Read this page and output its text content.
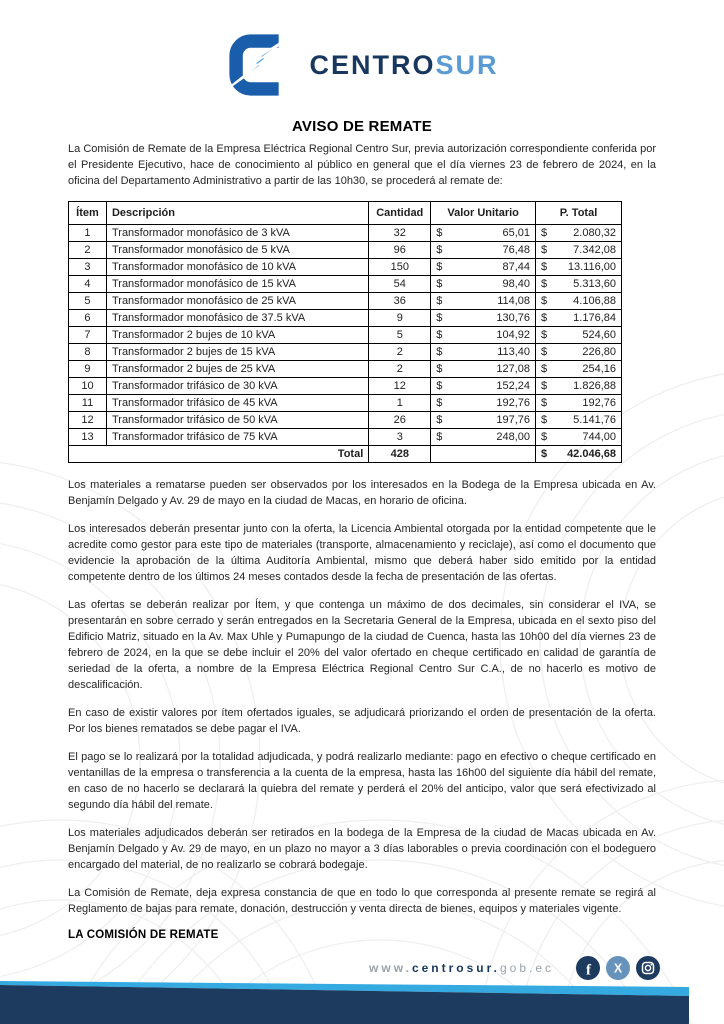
CENTROSUR
AVISO DE REMATE

La Comisión de Remate de la Empresa Eléctrica Regional Centro Sur, previa autorización correspondiente conferida por el Presidente Ejecutivo, hace de conocimiento al público en general que el día viernes 23 de febrero de 2024, en la oficina del Departamento Administrativo a partir de las 10h30, se procederá al remate de:

Ítem	Descripción	Cantidad	Valor Unitario	P. Total
1	Transformador monofásico de 3 kVA	32	$ 65,01	$ 2.080,32

2	Transformador monofásico de 5 kVA	96	$ 76,48	$ 7.342,08

3	Transformador monofásico de 10 kVA	150	$ 87,44	$ 13.116,00

4	Transformador monofásico de 15 kVA	54	$ 98,40	$ 5.313,60

5	Transformador monofásico de 25 kVA	36	$ 114,08	$ 4.106,88

6	Transformador monofásico de 37.5 kVA	9	$ 130,76	$ 1.176,84

7	Transformador 2 bujes de 10 kVA	5	$ 104,92	$ 524,60

8	Transformador 2 bujes de 15 kVA	2	$ 113,40	$ 226,80

9	Transformador 2 bujes de 25 kVA	2	$ 127,08	$ 254,16

10	Transformador trifásico de 30 kVA	12	$ 152,24	$ 1.826,88

11	Transformador trifásico de 45 kVA	1	$ 192,76	$ 192,76

12	Transformador trifásico de 50 kVA	26	$ 197,76	$ 5.141,76

13	Transformador trifásico de 75 kVA	3	$ 248,00	$ 744,00

Total		428		$ 42.046,68

Los materiales a rematarse pueden ser observados por los interesados en la Bodega de la Empresa ubicada en Av. Benjamín Delgado y Av. 29 de mayo en la ciudad de Macas, en horario de oficina.

Los interesados deberán presentar junto con la oferta, la Licencia Ambiental otorgada por la entidad competente que le acredite como gestor para este tipo de materiales (transporte, almacenamiento y reciclaje), así como el documento que evidencie la aprobación de la última Auditoría Ambiental, mismo que deberá haber sido emitido por la entidad competente dentro de los últimos 24 meses contados desde la fecha de presentación de las ofertas.

Las ofertas se deberán realizar por Ítem, y que contenga un máximo de dos decimales, sin considerar el IVA, se presentarán en sobre cerrado y serán entregados en la Secretaria General de la Empresa, ubicada en el sexto piso del Edificio Matriz, situado en la Av. Max Uhle y Pumapungo de la ciudad de Cuenca, hasta las 10h00 del día viernes 23 de febrero de 2024, en la que se debe incluir el 20% del valor ofertado en cheque certificado en calidad de garantía de seriedad de la oferta, a nombre de la Empresa Eléctrica Regional Centro Sur C.A., de no hacerlo es motivo de descalificación.

En caso de existir valores por ítem ofertados iguales, se adjudicará priorizando el orden de presentación de la oferta. Por los bienes rematados se debe pagar el IVA.

El pago se lo realizará por la totalidad adjudicada, y podrá realizarlo mediante: pago en efectivo o cheque certificado en ventanillas de la empresa o transferencia a la cuenta de la empresa, hasta las 16h00 del siguiente día hábil del remate, en caso de no hacerlo se declarará la quiebra del remate y perderá el 20% del anticipo, valor que será efectivizado al segundo día hábil del remate.

Los materiales adjudicados deberán ser retirados en la bodega de la Empresa de la ciudad de Macas ubicada en Av. Benjamín Delgado y Av. 29 de mayo, en un plazo no mayor a 3 días laborables o previa coordinación con el bodeguero encargado del material, de no realizarlo se cobrará bodegaje.

La Comisión de Remate, deja expresa constancia de que en todo lo que corresponda al presente remate se regirá al Reglamento de bajas para remate, donación, destrucción y venta directa de bienes, equipos y materiales vigente.

LA COMISIÓN DE REMATE
www.centrosur.gob.ec f X
